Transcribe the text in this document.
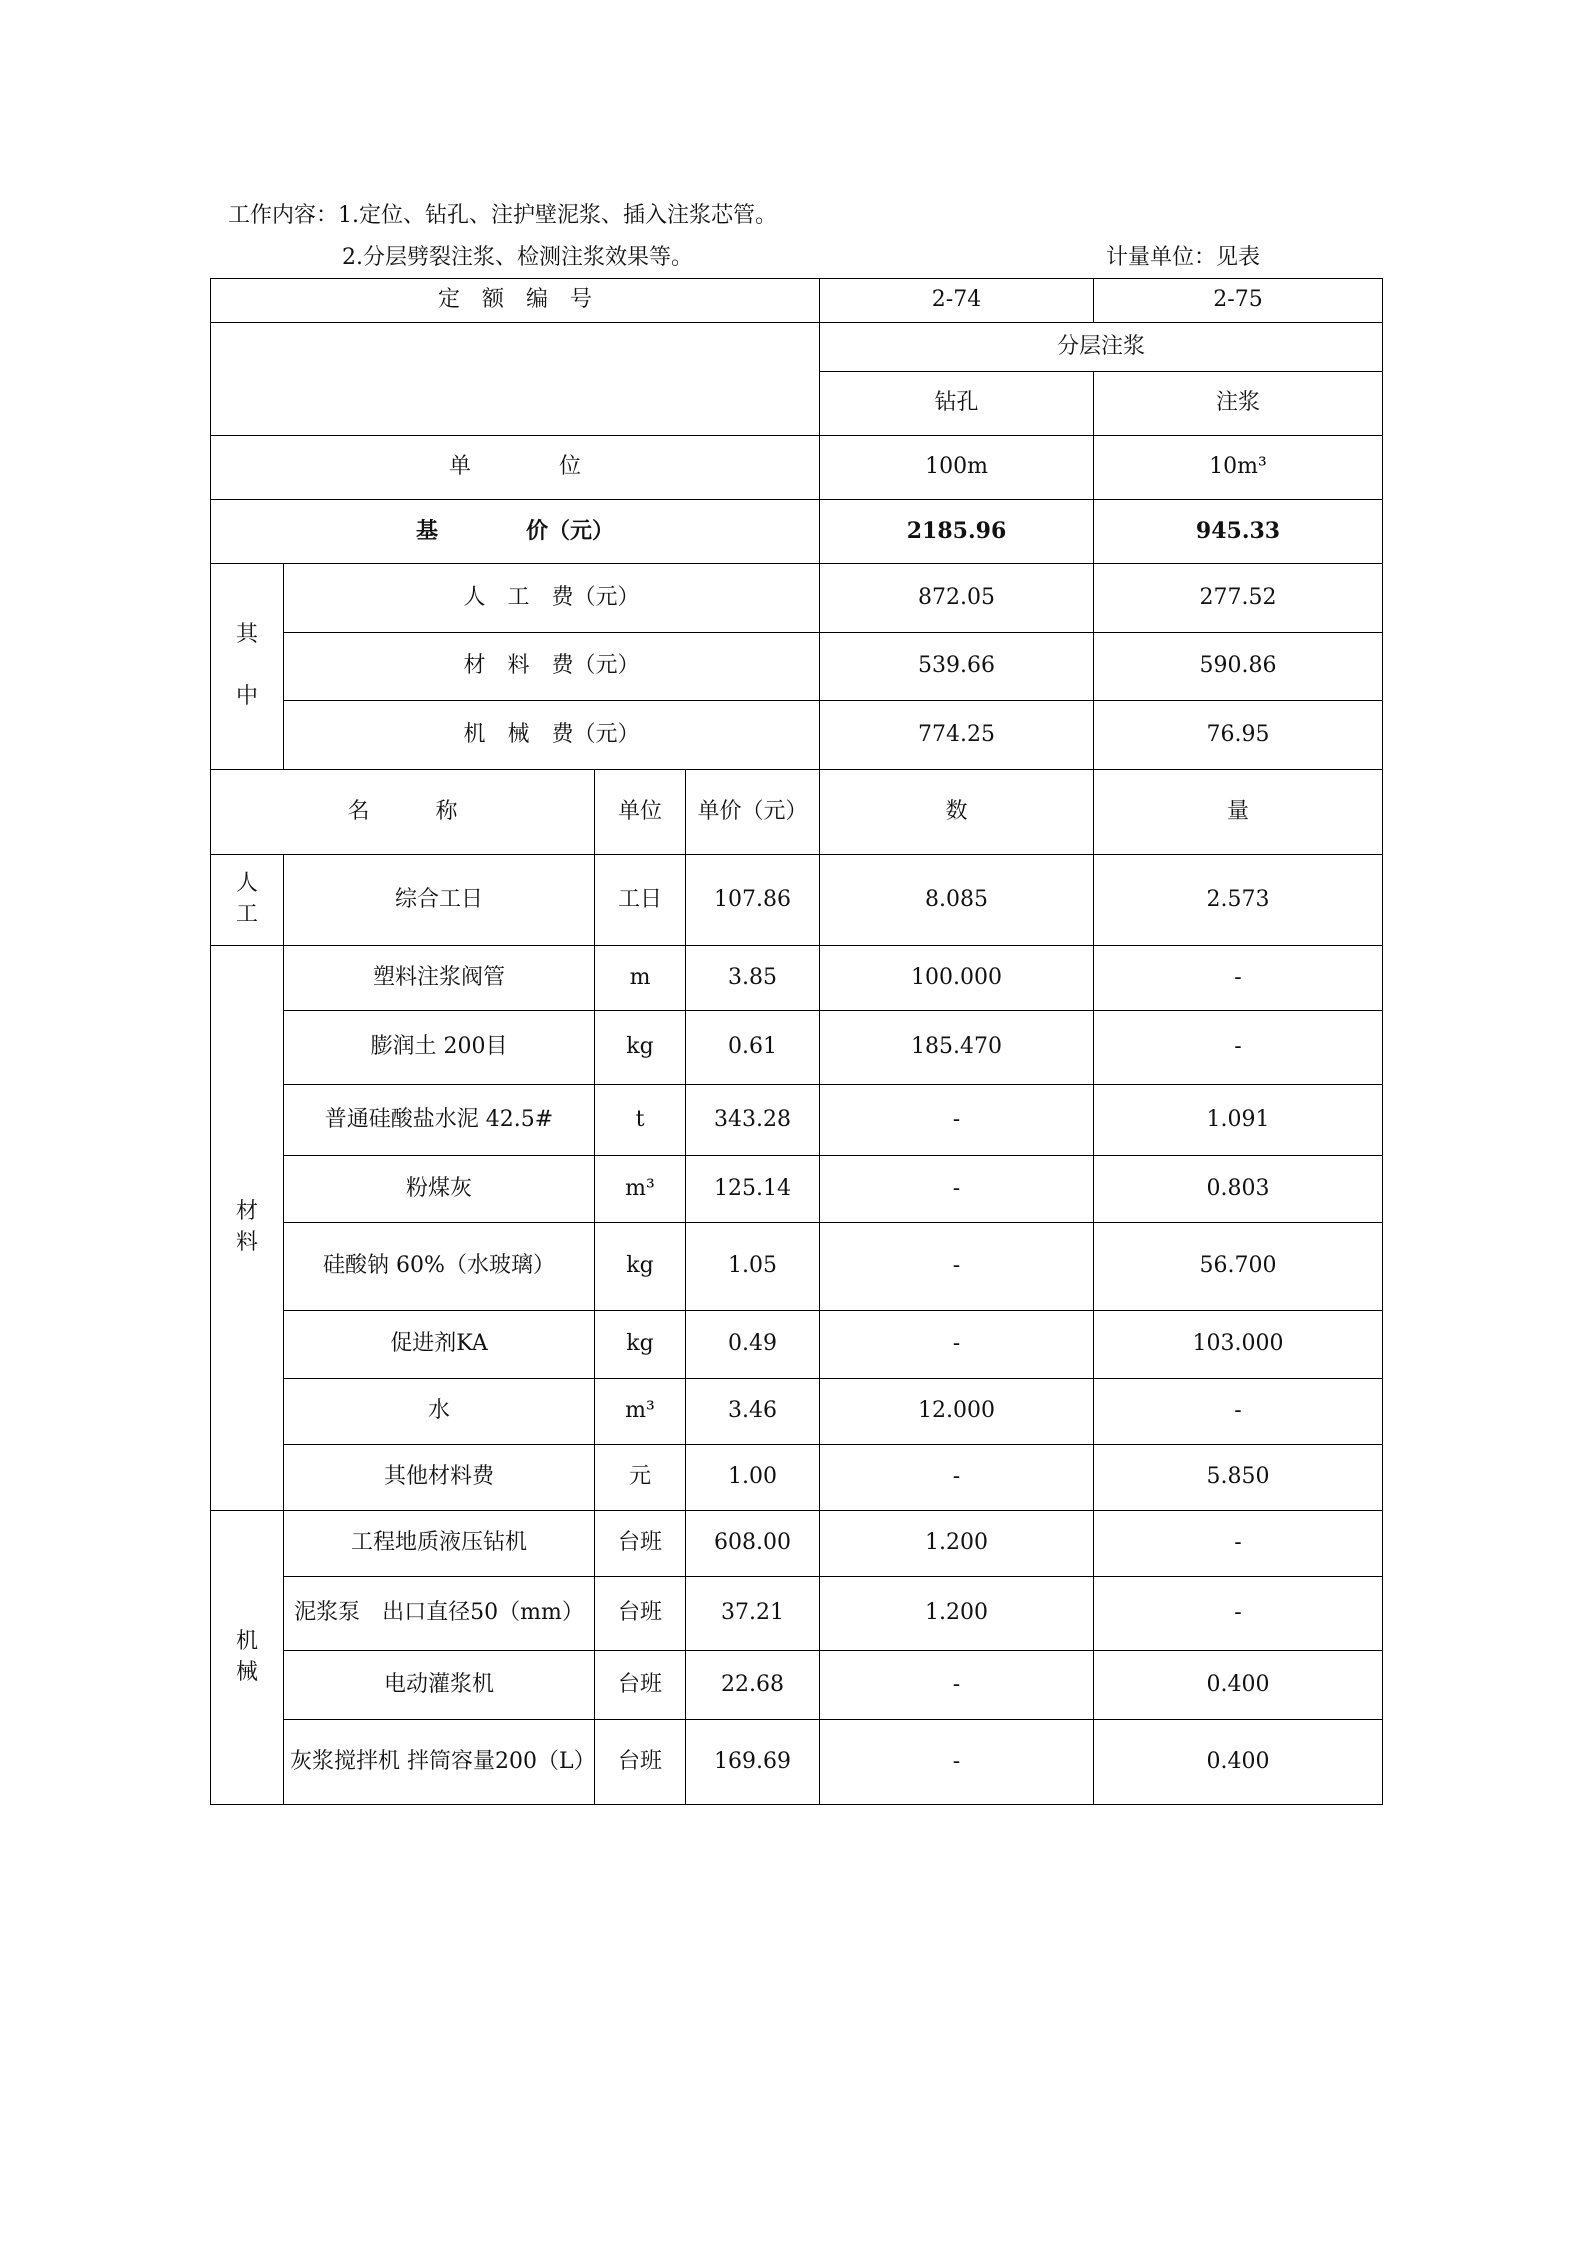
工作内容：1.定位、钻孔、注护壁泥浆、插入注浆芯管。
2.分层劈裂注浆、检测注浆效果等。	计量单位：见表
定　额　编　号				2-74	2-75
				分层注浆	
				钻孔	注浆
单　　　　位				100m	10m³
基　　　　价（元）				2185.96	945.33
其

中	人　工　费（元）			872.05	277.52
	材　料　费（元）			539.66	590.86
	机　械　费（元）			774.25	76.95
名　　　称		单位	单价（元）	数	量
人
工	综合工日	工日	107.86	8.085	2.573
材
料	塑料注浆阀管	m	3.85	100.000	-
	膨润土 200目	kg	0.61	185.470	-
	普通硅酸盐水泥 42.5#	t	343.28	-	1.091
	粉煤灰	m³	125.14	-	0.803
	硅酸钠 60%（水玻璃）	kg	1.05	-	56.700
	促进剂KA	kg	0.49	-	103.000
	水	m³	3.46	12.000	-
	其他材料费	元	1.00	-	5.850
机
械	工程地质液压钻机	台班	608.00	1.200	-
	泥浆泵　出口直径50（mm）	台班	37.21	1.200	-
	电动灌浆机	台班	22.68	-	0.400
	灰浆搅拌机 拌筒容量200（L）	台班	169.69	-	0.400
